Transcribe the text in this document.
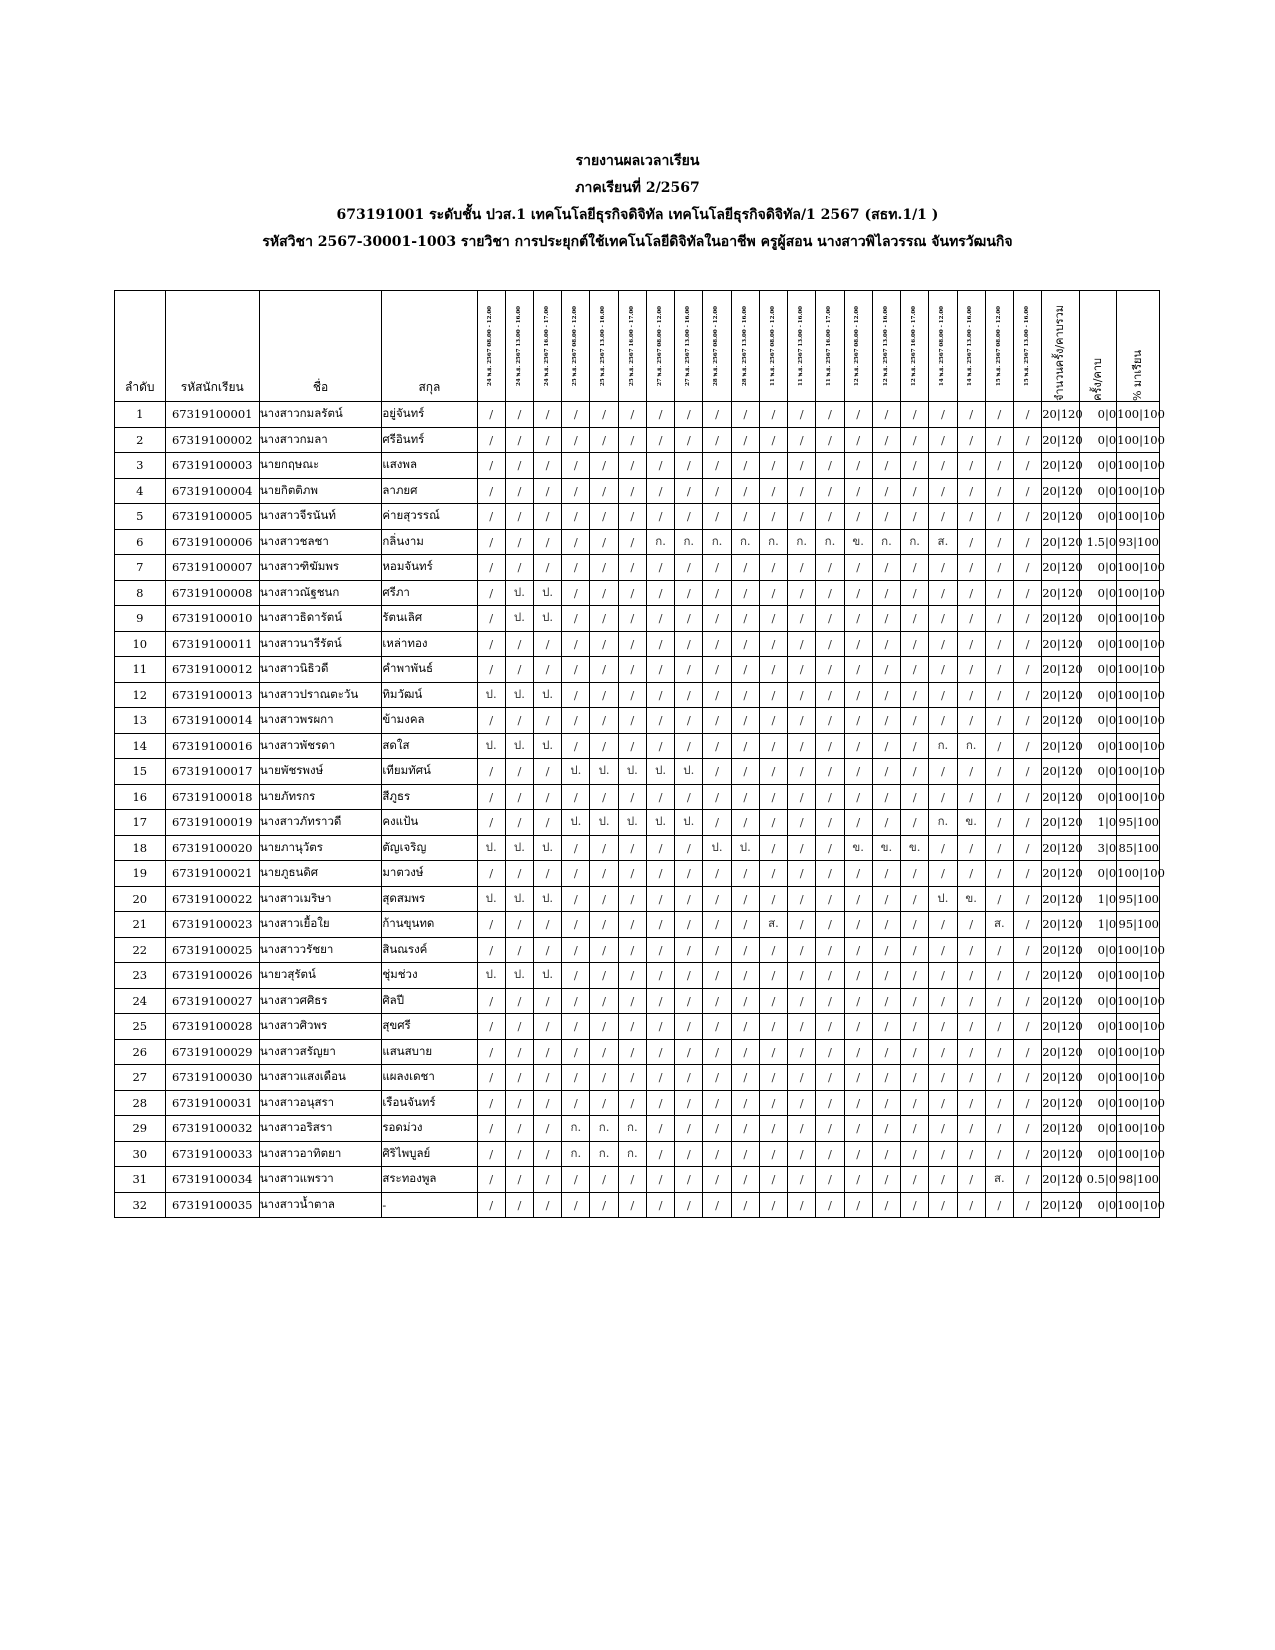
รายงานผลเวลาเรียน
ภาคเรียนที่ 2/2567
673191001 ระดับชั้น ปวส.1 เทคโนโลยีธุรกิจดิจิทัล เทคโนโลยีธุรกิจดิจิทัล/1 2567 (สธท.1/1 )
รหัสวิชา 2567-30001-1003 รายวิชา การประยุกต์ใช้เทคโนโลยีดิจิทัลในอาชีพ ครูผู้สอน นางสาวพิไลวรรณ จันทรวัฒนกิจ
ลำดับ	รหัสนักเรียน	ชื่อ	สกุล	24 พ.ย. 2567 08.00 - 12.00	24 พ.ย. 2567 13.00 - 16.00	24 พ.ย. 2567 16.00 - 17.00	25 พ.ย. 2567 08.00 - 12.00	25 พ.ย. 2567 13.00 - 16.00	25 พ.ย. 2567 16.00 - 17.00	27 พ.ย. 2567 08.00 - 12.00	27 พ.ย. 2567 13.00 - 16.00	28 พ.ย. 2567 08.00 - 12.00	28 พ.ย. 2567 13.00 - 16.00	11 พ.ย. 2567 08.00 - 12.00	11 พ.ย. 2567 13.00 - 16.00	11 พ.ย. 2567 16.00 - 17.00	12 พ.ย. 2567 08.00 - 12.00	12 พ.ย. 2567 13.00 - 16.00	12 พ.ย. 2567 16.00 - 17.00	14 พ.ย. 2567 08.00 - 12.00	14 พ.ย. 2567 13.00 - 16.00	15 พ.ย. 2567 08.00 - 12.00	15 พ.ย. 2567 13.00 - 16.00	จำนวนครั้ง/คาบรวม	ครั้ง/คาบ	% มาเรียน

1	67319100001	นางสาวกมลรัตน์	อยู่จันทร์	/	/	/	/	/	/	/	/	/	/	/	/	/	/	/	/	/	/	/	/	20|120	0|0	100|100
2	67319100002	นางสาวกมลา	ศรีอินทร์	/	/	/	/	/	/	/	/	/	/	/	/	/	/	/	/	/	/	/	/	20|120	0|0	100|100
3	67319100003	นายกฤษณะ	แสงพล	/	/	/	/	/	/	/	/	/	/	/	/	/	/	/	/	/	/	/	/	20|120	0|0	100|100
4	67319100004	นายกิตติภพ	ลาภยศ	/	/	/	/	/	/	/	/	/	/	/	/	/	/	/	/	/	/	/	/	20|120	0|0	100|100
5	67319100005	นางสาวจีรนันท์	ค่ายสุวรรณ์	/	/	/	/	/	/	/	/	/	/	/	/	/	/	/	/	/	/	/	/	20|120	0|0	100|100
6	67319100006	นางสาวชลชา	กลิ่นงาม	/	/	/	/	/	/	ก.	ก.	ก.	ก.	ก.	ก.	ก.	ข.	ก.	ก.	ส.	/	/	/	20|120	1.5|0	93|100
7	67319100007	นางสาวฑิฆัมพร	หอมจันทร์	/	/	/	/	/	/	/	/	/	/	/	/	/	/	/	/	/	/	/	/	20|120	0|0	100|100
8	67319100008	นางสาวณัฐชนก	ศรีภา	/	ป.	ป.	/	/	/	/	/	/	/	/	/	/	/	/	/	/	/	/	/	20|120	0|0	100|100
9	67319100010	นางสาวธิดารัตน์	รัตนเลิศ	/	ป.	ป.	/	/	/	/	/	/	/	/	/	/	/	/	/	/	/	/	/	20|120	0|0	100|100
10	67319100011	นางสาวนารีรัตน์	เหล่าทอง	/	/	/	/	/	/	/	/	/	/	/	/	/	/	/	/	/	/	/	/	20|120	0|0	100|100
11	67319100012	นางสาวนิธิวดี	คำพาพันธ์	/	/	/	/	/	/	/	/	/	/	/	/	/	/	/	/	/	/	/	/	20|120	0|0	100|100
12	67319100013	นางสาวปราณตะวัน	ทิมวัฒน์	ป.	ป.	ป.	/	/	/	/	/	/	/	/	/	/	/	/	/	/	/	/	/	20|120	0|0	100|100
13	67319100014	นางสาวพรผกา	ข้ามงคล	/	/	/	/	/	/	/	/	/	/	/	/	/	/	/	/	/	/	/	/	20|120	0|0	100|100
14	67319100016	นางสาวพัชรดา	สดใส	ป.	ป.	ป.	/	/	/	/	/	/	/	/	/	/	/	/	/	ก.	ก.	/	/	20|120	0|0	100|100
15	67319100017	นายพัชรพงษ์	เทียมทัศน์	/	/	/	ป.	ป.	ป.	ป.	ป.	/	/	/	/	/	/	/	/	/	/	/	/	20|120	0|0	100|100
16	67319100018	นายภัทรกร	สีภูธร	/	/	/	/	/	/	/	/	/	/	/	/	/	/	/	/	/	/	/	/	20|120	0|0	100|100
17	67319100019	นางสาวภัทราวดี	คงแป้น	/	/	/	ป.	ป.	ป.	ป.	ป.	/	/	/	/	/	/	/	/	ก.	ข.	/	/	20|120	1|0	95|100
18	67319100020	นายภานุวัตร	ตัญเจริญ	ป.	ป.	ป.	/	/	/	/	/	ป.	ป.	/	/	/	ข.	ข.	ข.	/	/	/	/	20|120	3|0	85|100
19	67319100021	นายภูธนดิศ	มาตวงษ์	/	/	/	/	/	/	/	/	/	/	/	/	/	/	/	/	/	/	/	/	20|120	0|0	100|100
20	67319100022	นางสาวเมริษา	สุดสมพร	ป.	ป.	ป.	/	/	/	/	/	/	/	/	/	/	/	/	/	ป.	ข.	/	/	20|120	1|0	95|100
21	67319100023	นางสาวเยื้อใย	ก้านขุนทด	/	/	/	/	/	/	/	/	/	/	ส.	/	/	/	/	/	/	/	ส.	/	20|120	1|0	95|100
22	67319100025	นางสาววรัชยา	สินณรงค์	/	/	/	/	/	/	/	/	/	/	/	/	/	/	/	/	/	/	/	/	20|120	0|0	100|100
23	67319100026	นายวสุรัตน์	ชุ่มช่วง	ป.	ป.	ป.	/	/	/	/	/	/	/	/	/	/	/	/	/	/	/	/	/	20|120	0|0	100|100
24	67319100027	นางสาวศศิธร	ศิลปี	/	/	/	/	/	/	/	/	/	/	/	/	/	/	/	/	/	/	/	/	20|120	0|0	100|100
25	67319100028	นางสาวศิวพร	สุขศรี	/	/	/	/	/	/	/	/	/	/	/	/	/	/	/	/	/	/	/	/	20|120	0|0	100|100
26	67319100029	นางสาวสรัญยา	แสนสบาย	/	/	/	/	/	/	/	/	/	/	/	/	/	/	/	/	/	/	/	/	20|120	0|0	100|100
27	67319100030	นางสาวแสงเดือน	แผลงเดชา	/	/	/	/	/	/	/	/	/	/	/	/	/	/	/	/	/	/	/	/	20|120	0|0	100|100
28	67319100031	นางสาวอนุสรา	เรือนจันทร์	/	/	/	/	/	/	/	/	/	/	/	/	/	/	/	/	/	/	/	/	20|120	0|0	100|100
29	67319100032	นางสาวอริสรา	รอดม่วง	/	/	/	ก.	ก.	ก.	/	/	/	/	/	/	/	/	/	/	/	/	/	/	20|120	0|0	100|100
30	67319100033	นางสาวอาทิตยา	ศิริไพบูลย์	/	/	/	ก.	ก.	ก.	/	/	/	/	/	/	/	/	/	/	/	/	/	/	20|120	0|0	100|100
31	67319100034	นางสาวแพรวา	สระทองพูล	/	/	/	/	/	/	/	/	/	/	/	/	/	/	/	/	/	/	ส.	/	20|120	0.5|0	98|100
32	67319100035	นางสาวน้ำตาล	-	/	/	/	/	/	/	/	/	/	/	/	/	/	/	/	/	/	/	/	/	20|120	0|0	100|100
